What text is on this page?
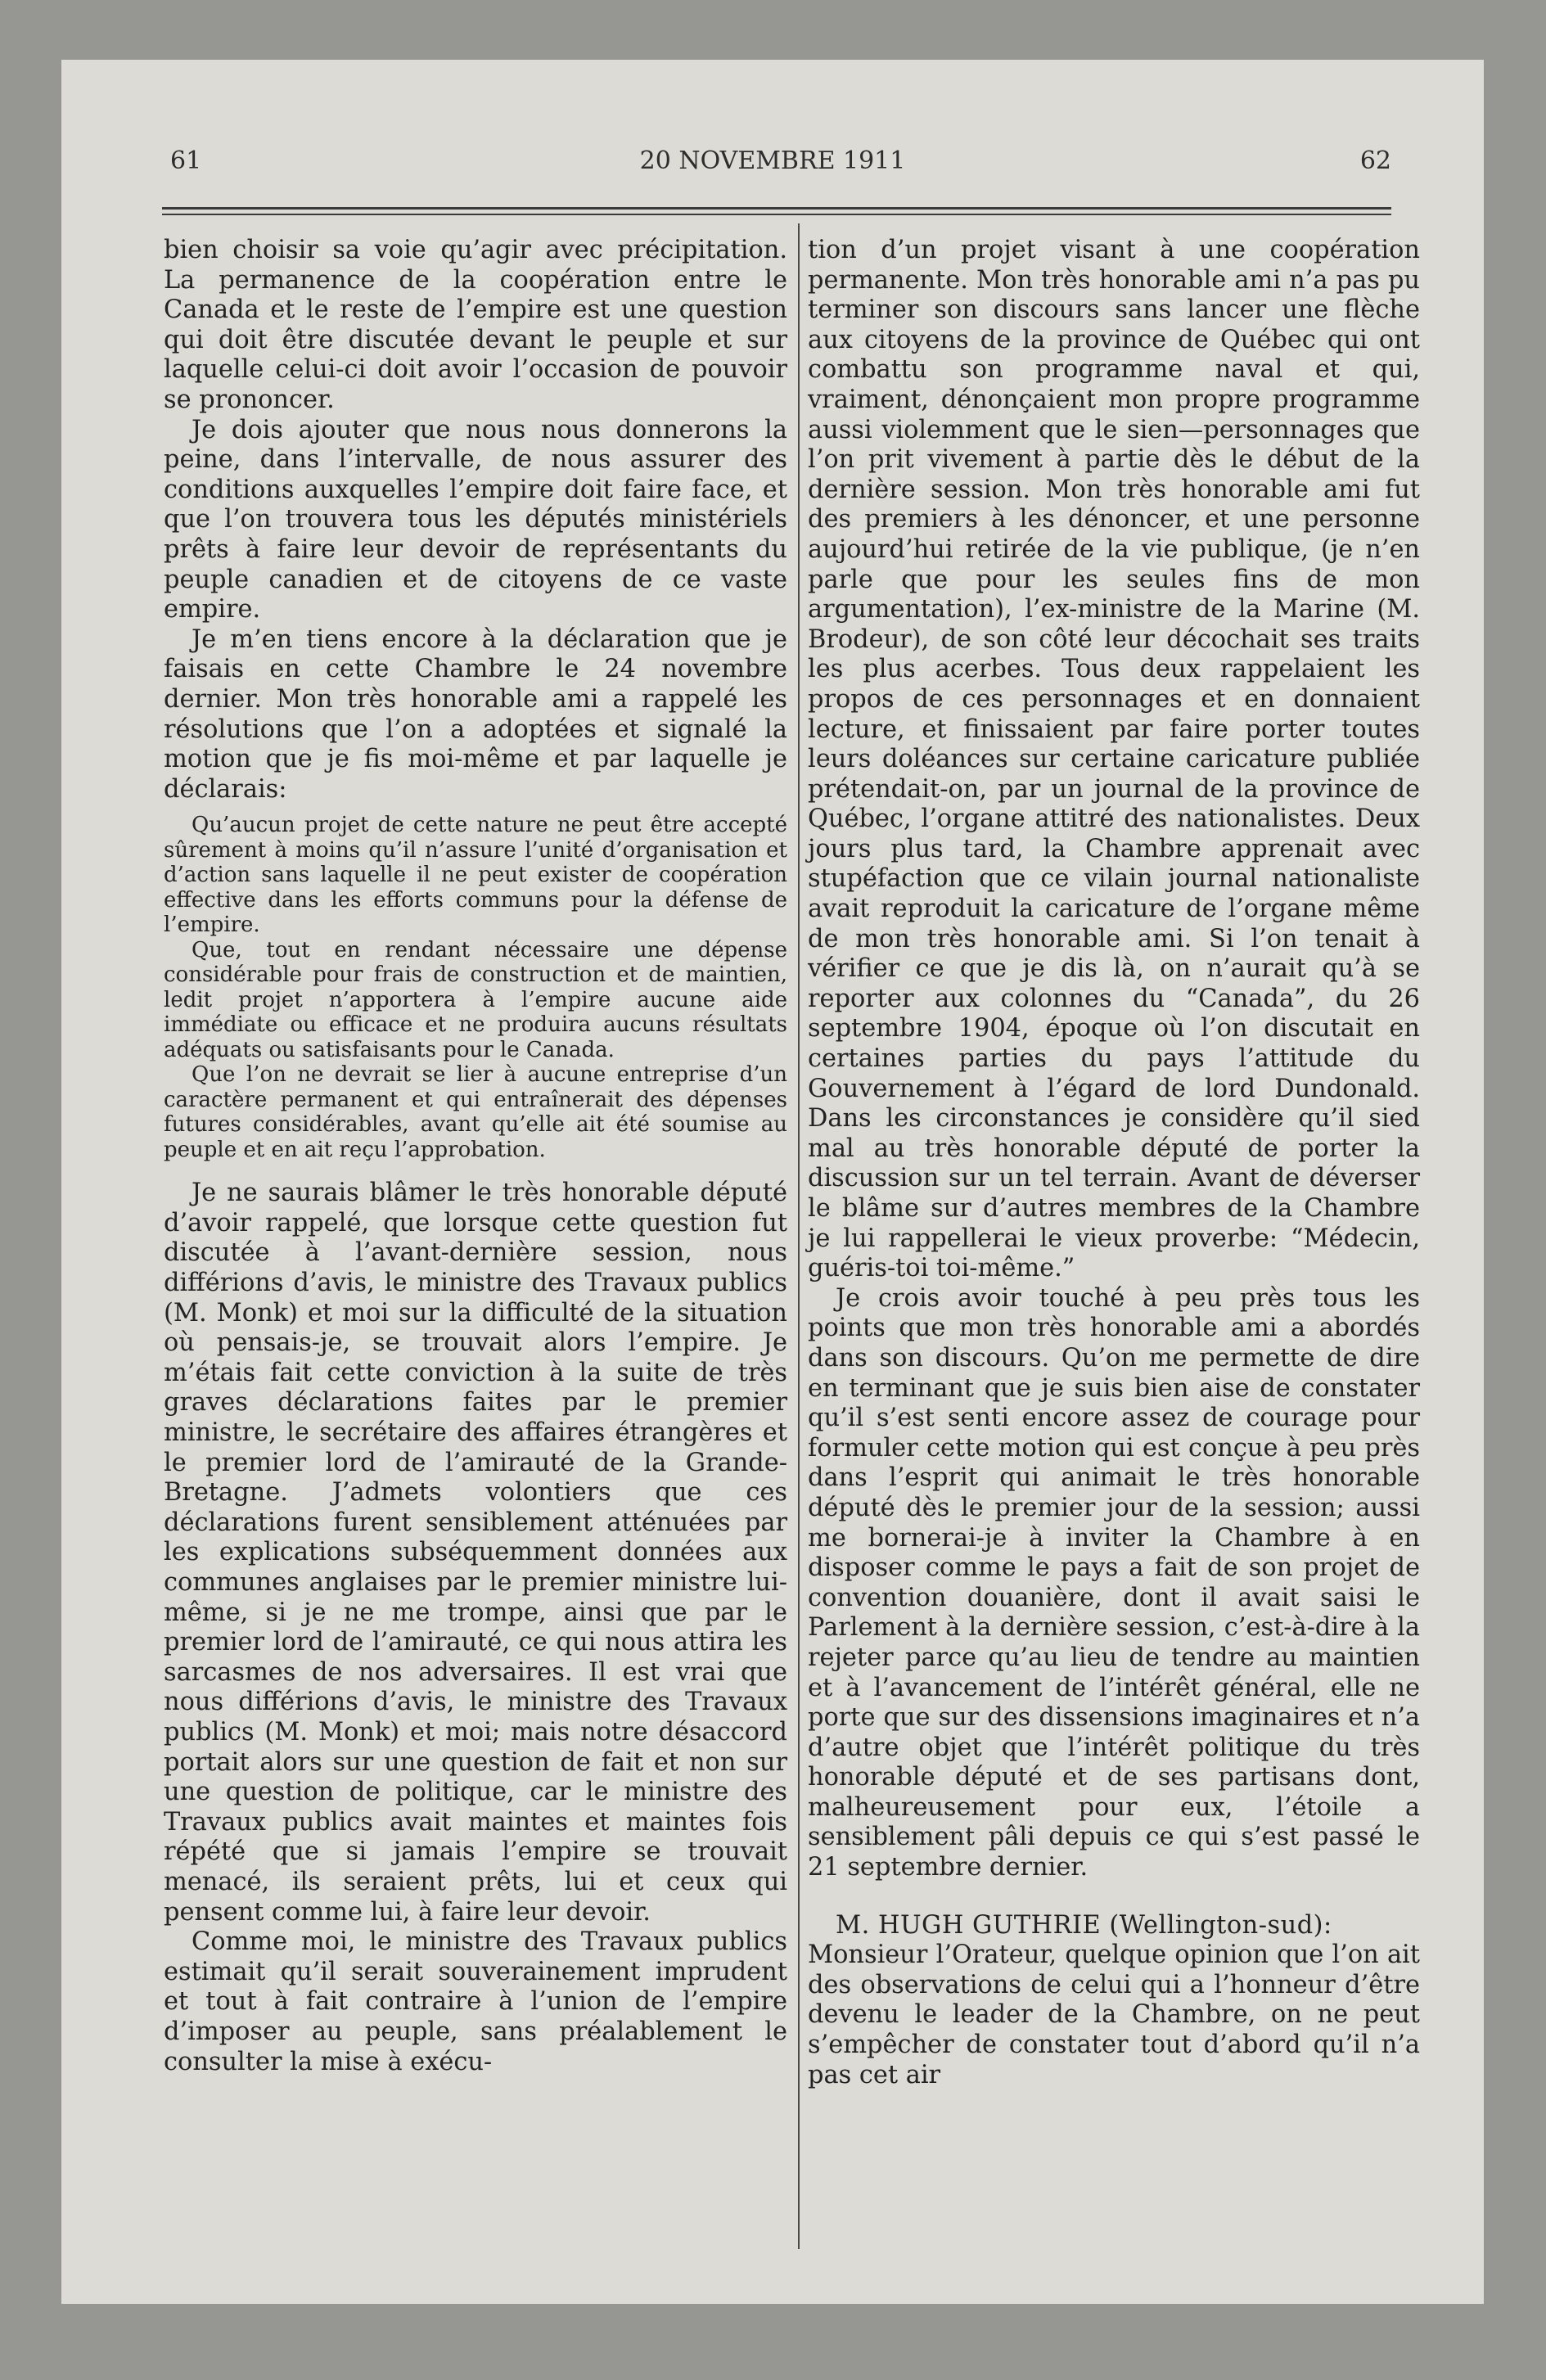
61	20 NOVEMBRE 1911	62

bien choisir sa voie qu’agir avec précipitation. La permanence de la coopération entre le Canada et le reste de l’empire est une question qui doit être discutée devant le peuple et sur laquelle celui-ci doit avoir l’occasion de pouvoir se prononcer.

Je dois ajouter que nous nous donnerons la peine, dans l’intervalle, de nous assurer des conditions auxquelles l’empire doit faire face, et que l’on trouvera tous les députés ministériels prêts à faire leur devoir de représentants du peuple canadien et de citoyens de ce vaste empire.

Je m’en tiens encore à la déclaration que je faisais en cette Chambre le 24 novembre dernier. Mon très honorable ami a rappelé les résolutions que l’on a adoptées et signalé la motion que je fis moi-même et par laquelle je déclarais:

Qu’aucun projet de cette nature ne peut être accepté sûrement à moins qu’il n’assure l’unité d’organisation et d’action sans laquelle il ne peut exister de coopération effective dans les efforts communs pour la défense de l’empire.

Que, tout en rendant nécessaire une dépense considérable pour frais de construction et de maintien, ledit projet n’apportera à l’empire aucune aide immédiate ou efficace et ne produira aucuns résultats adéquats ou satisfaisants pour le Canada.

Que l’on ne devrait se lier à aucune entreprise d’un caractère permanent et qui entraînerait des dépenses futures considérables, avant qu’elle ait été soumise au peuple et en ait reçu l’approbation.

Je ne saurais blâmer le très honorable député d’avoir rappelé, que lorsque cette question fut discutée à l’avant-dernière session, nous différions d’avis, le ministre des Travaux publics (M. Monk) et moi sur la difficulté de la situation où pensais-je, se trouvait alors l’empire. Je m’étais fait cette conviction à la suite de très graves déclarations faites par le premier ministre, le secrétaire des affaires étrangères et le premier lord de l’amirauté de la Grande-Bretagne. J’admets volontiers que ces déclarations furent sensiblement atténuées par les explications subséquemment données aux communes anglaises par le premier ministre lui-même, si je ne me trompe, ainsi que par le premier lord de l’amirauté, ce qui nous attira les sarcasmes de nos adversaires. Il est vrai que nous différions d’avis, le ministre des Travaux publics (M. Monk) et moi; mais notre désaccord portait alors sur une question de fait et non sur une question de politique, car le ministre des Travaux publics avait maintes et maintes fois répété que si jamais l’empire se trouvait menacé, ils seraient prêts, lui et ceux qui pensent comme lui, à faire leur devoir.

Comme moi, le ministre des Travaux publics estimait qu’il serait souverainement imprudent et tout à fait contraire à l’union de l’empire d’imposer au peuple, sans préalablement le consulter la mise à exécu-

tion d’un projet visant à une coopération permanente. Mon très honorable ami n’a pas pu terminer son discours sans lancer une flèche aux citoyens de la province de Québec qui ont combattu son programme naval et qui, vraiment, dénonçaient mon propre programme aussi violemment que le sien—personnages que l’on prit vivement à partie dès le début de la dernière session. Mon très honorable ami fut des premiers à les dénoncer, et une personne aujourd’hui retirée de la vie publique, (je n’en parle que pour les seules fins de mon argumentation), l’ex-ministre de la Marine (M. Brodeur), de son côté leur décochait ses traits les plus acerbes. Tous deux rappelaient les propos de ces personnages et en donnaient lecture, et finissaient par faire porter toutes leurs doléances sur certaine caricature publiée prétendait-on, par un journal de la province de Québec, l’organe attitré des nationalistes. Deux jours plus tard, la Chambre apprenait avec stupéfaction que ce vilain journal nationaliste avait reproduit la caricature de l’organe même de mon très honorable ami. Si l’on tenait à vérifier ce que je dis là, on n’aurait qu’à se reporter aux colonnes du “Canada”, du 26 septembre 1904, époque où l’on discutait en certaines parties du pays l’attitude du Gouvernement à l’égard de lord Dundonald. Dans les circonstances je considère qu’il sied mal au très honorable député de porter la discussion sur un tel terrain. Avant de déverser le blâme sur d’autres membres de la Chambre je lui rappellerai le vieux proverbe: “Médecin, guéris-toi toi-même.”

Je crois avoir touché à peu près tous les points que mon très honorable ami a abordés dans son discours. Qu’on me permette de dire en terminant que je suis bien aise de constater qu’il s’est senti encore assez de courage pour formuler cette motion qui est conçue à peu près dans l’esprit qui animait le très honorable député dès le premier jour de la session; aussi me bornerai-je à inviter la Chambre à en disposer comme le pays a fait de son projet de convention douanière, dont il avait saisi le Parlement à la dernière session, c’est-à-dire à la rejeter parce qu’au lieu de tendre au maintien et à l’avancement de l’intérêt général, elle ne porte que sur des dissensions imaginaires et n’a d’autre objet que l’intérêt politique du très honorable député et de ses partisans dont, malheureusement pour eux, l’étoile a sensiblement pâli depuis ce qui s’est passé le 21 septembre dernier.

M. HUGH GUTHRIE (Wellington-sud):

Monsieur l’Orateur, quelque opinion que l’on ait des observations de celui qui a l’honneur d’être devenu le leader de la Chambre, on ne peut s’empêcher de constater tout d’abord qu’il n’a pas cet air
